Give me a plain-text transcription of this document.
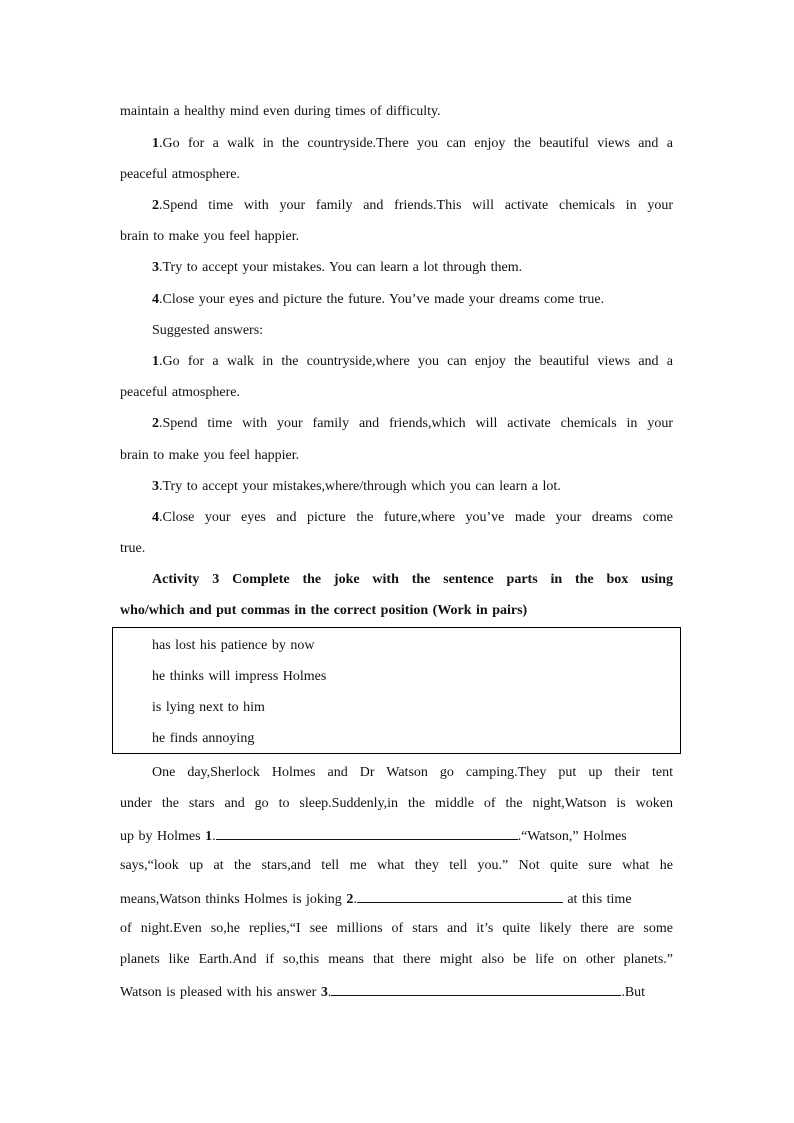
maintain a healthy mind even during times of difficulty.
1.Go for a walk in the countryside.There you can enjoy the beautiful views and a
peaceful atmosphere.
2.Spend time with your family and friends.This will activate chemicals in your
brain to make you feel happier.
3.Try to accept your mistakes. You can learn a lot through them.
4.Close your eyes and picture the future. You’ve made your dreams come true.
Suggested answers:
1.Go for a walk in the countryside,where you can enjoy the beautiful views and a
peaceful atmosphere.
2.Spend time with your family and friends,which will activate chemicals in your
brain to make you feel happier.
3.Try to accept your mistakes,where/through which you can learn a lot.
4.Close your eyes and picture the future,where you’ve made your dreams come
true.
Activity 3 Complete the joke with the sentence parts in the box using
who/which and put commas in the correct position (Work in pairs)
has lost his patience by now
he thinks will impress Holmes
is lying next to him
he finds annoying
One day,Sherlock Holmes and Dr Watson go camping.They put up their tent
under the stars and go to sleep.Suddenly,in the middle of the night,Watson is woken
up by Holmes 1.	.“Watson,” Holmes
says,“look up at the stars,and tell me what they tell you.” Not quite sure what he
means,Watson thinks Holmes is joking 2.	at this time
of night.Even so,he replies,“I see millions of stars and it’s quite likely there are some
planets like Earth.And if so,this means that there might also be life on other planets.”
Watson is pleased with his answer 3.	.But
